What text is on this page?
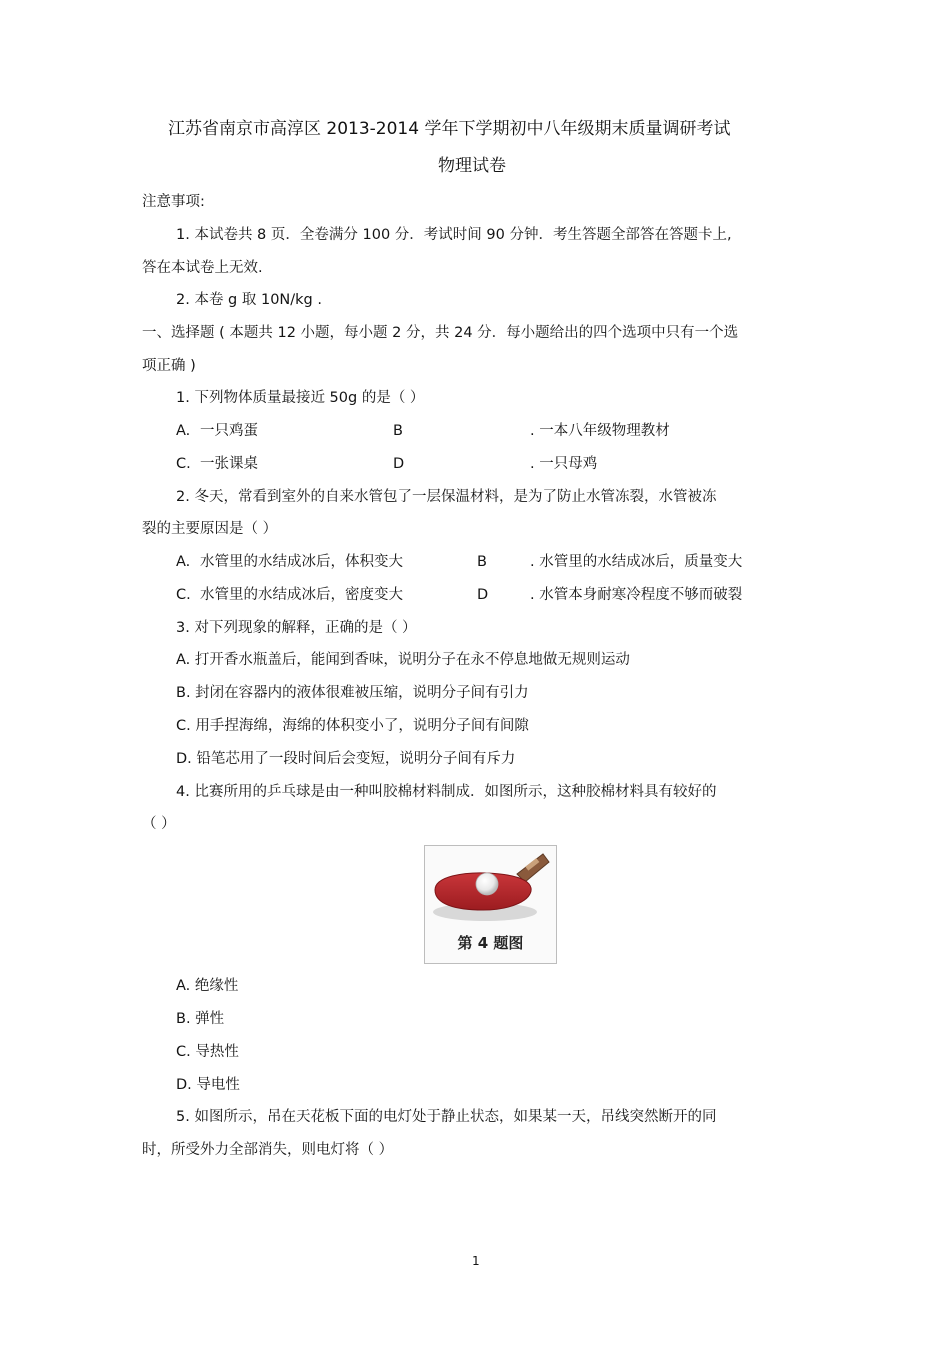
江苏省南京市高淳区 2013-2014 学年下学期初中八年级期末质量调研考试
物理试卷
注意事项:
1. 本试卷共 8 页．全卷满分 100 分．考试时间 90 分钟．考生答题全部答在答题卡上,
答在本试卷上无效.
2. 本卷 g 取 10N/kg .
一、选择题 ( 本题共 12 小题，每小题 2 分，共 24 分．每小题给出的四个选项中只有一个选
项正确 )
1. 下列物体质量最接近 50g 的是（ ）
A. 一只鸡蛋	B	. 一本八年级物理教材
C. 一张课桌	D	. 一只母鸡
2. 冬天，常看到室外的自来水管包了一层保温材料，是为了防止水管冻裂，水管被冻
裂的主要原因是（ ）
A. 水管里的水结成冰后，体积变大	B	. 水管里的水结成冰后，质量变大
C. 水管里的水结成冰后，密度变大	D	. 水管本身耐寒冷程度不够而破裂
3. 对下列现象的解释，正确的是（ ）
A. 打开香水瓶盖后，能闻到香味，说明分子在永不停息地做无规则运动
B. 封闭在容器内的液体很难被压缩，说明分子间有引力
C. 用手捏海绵，海绵的体积变小了，说明分子间有间隙
D. 铅笔芯用了一段时间后会变短，说明分子间有斥力
4. 比赛所用的乒乓球是由一种叫胶棉材料制成．如图所示，这种胶棉材料具有较好的
（ ）
第 4 题图
A. 绝缘性
B. 弹性
C. 导热性
D. 导电性
5. 如图所示，吊在天花板下面的电灯处于静止状态，如果某一天，吊线突然断开的同
时，所受外力全部消失，则电灯将（ ）
1
